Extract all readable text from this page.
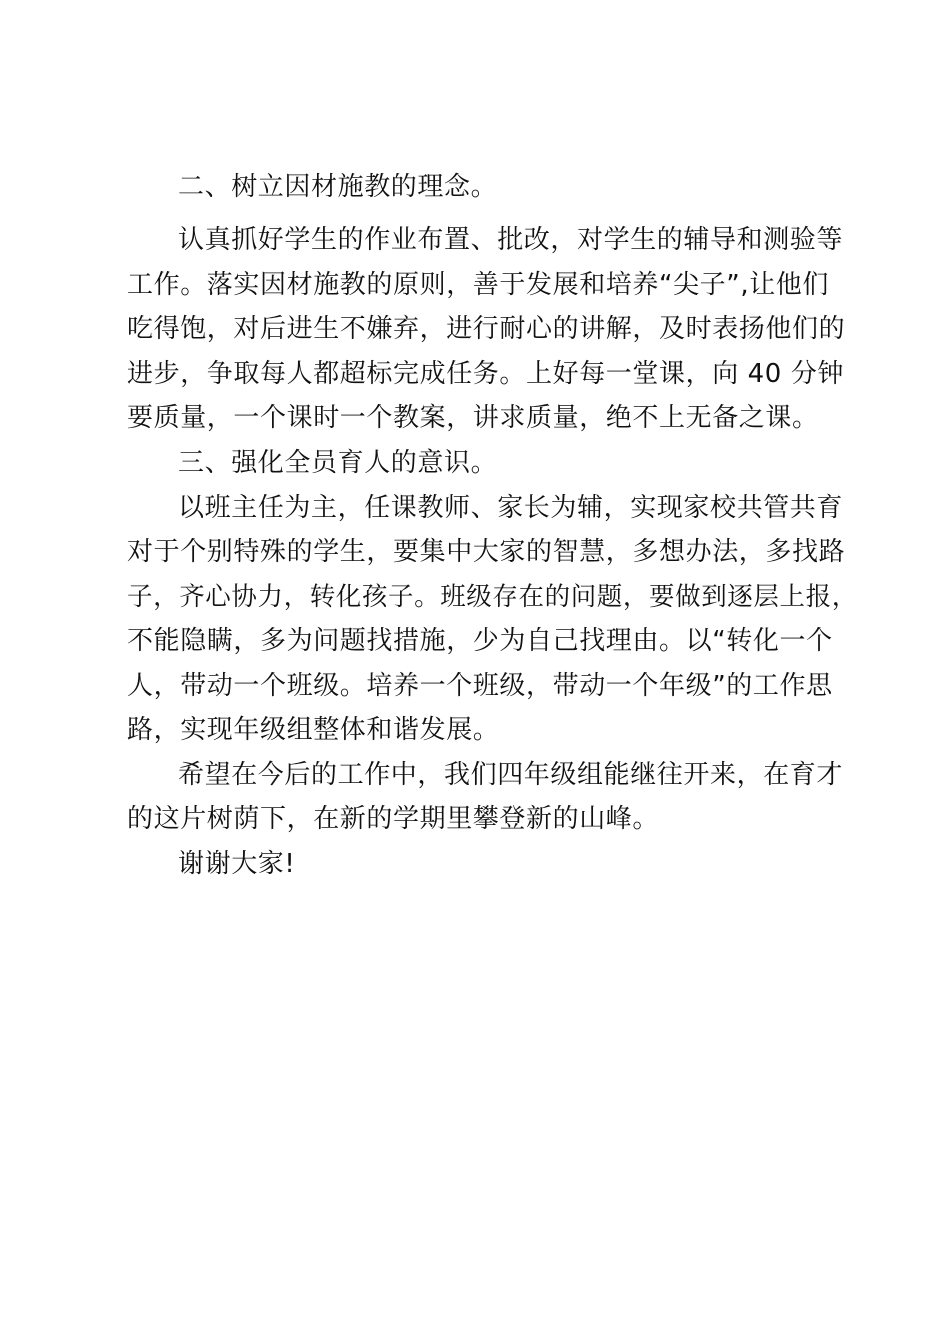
二、树立因材施教的理念。
认真抓好学生的作业布置、批改，对学生的辅导和测验等
工作。落实因材施教的原则，善于发展和培养“尖子”,让他们
吃得饱，对后进生不嫌弃，进行耐心的讲解，及时表扬他们的
进步，争取每人都超标完成任务。上好每一堂课，向 40 分钟
要质量，一个课时一个教案，讲求质量，绝不上无备之课。
三、强化全员育人的意识。
以班主任为主，任课教师、家长为辅，实现家校共管共育
对于个别特殊的学生，要集中大家的智慧，多想办法，多找路
子，齐心协力，转化孩子。班级存在的问题，要做到逐层上报，
不能隐瞒，多为问题找措施，少为自己找理由。以“转化一个
人，带动一个班级。培养一个班级，带动一个年级”的工作思
路，实现年级组整体和谐发展。
希望在今后的工作中，我们四年级组能继往开来，在育才
的这片树荫下，在新的学期里攀登新的山峰。
谢谢大家!
